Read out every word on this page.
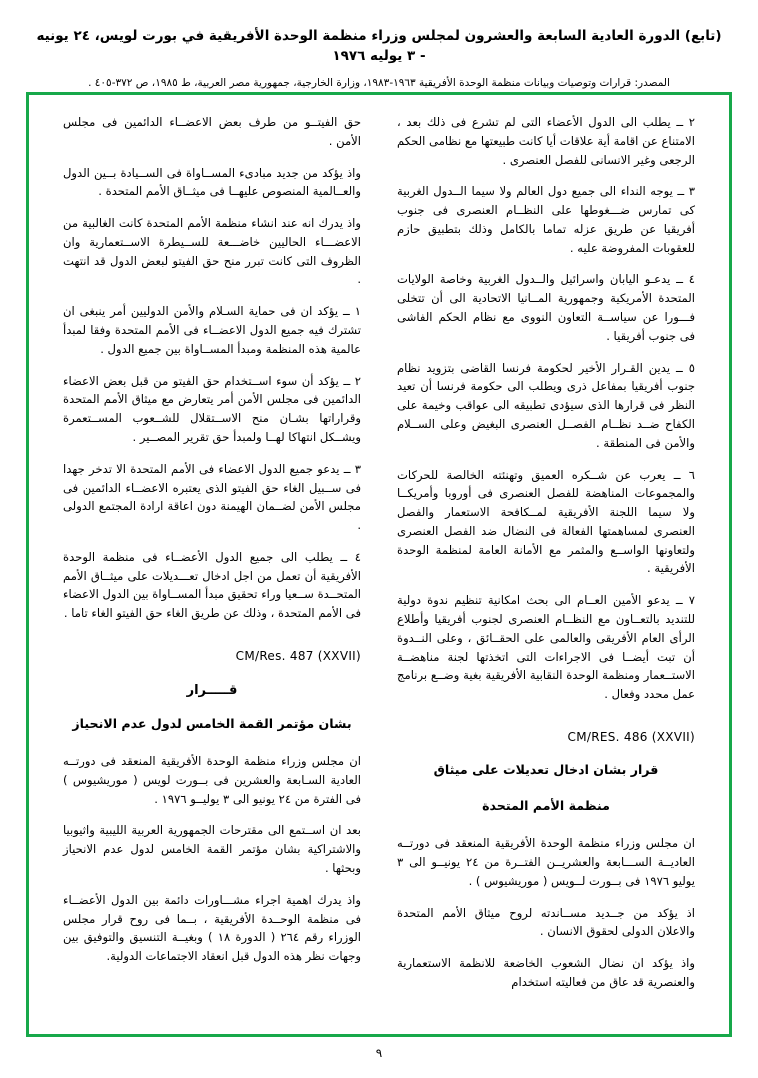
(تابع) الدورة العادية السابعة والعشرون لمجلس وزراء منظمة الوحدة الأفريقية في بورت لويس، ٢٤ يونيه - ٣ يوليه ١٩٧٦
المصدر: قرارات وتوصيات وبيانات منظمة الوحدة الأفريقية ١٩٦٣-١٩٨٣، وزارة الخارجية، جمهورية مصر العربية، ط ١٩٨٥، ص ٣٧٢-٤٠٥ .

٢ ــ يطلب الى الدول الأعضاء التى لم تشرع فى ذلك بعد ، الامتناع عن اقامة أية علاقات أيا كانت طبيعتها مع نظامى الحكم الرجعى وغير الانسانى للفصل العنصرى .

٣ ــ يوجه النداء الى جميع دول العالم ولا سيما الــدول الغربية كى تمارس ضـــغوطها على النظــام العنصرى فى جنوب أفريقيا عن طريق عزله تماما بالكامل وذلك بتطبيق حازم للعقوبات المفروضة عليه .

٤ ــ يدعـو اليابان واسرائيل والــدول الغربية وخاصة الولايات المتحدة الأمريكية وجمهورية المــانيا الاتحادية الى أن تتخلى فـــورا عن سياســة التعاون النووى مع نظام الحكم الفاشى فى جنوب أفريقيا .

٥ ــ يدين القـرار الأخير لحكومة فرنسا القاضى بتزويد نظام جنوب أفريقيا بمفاعل ذرى ويطلب الى حكومة فرنسا أن تعيد النظر فى قرارها الذى سيؤدى تطبيقه الى عواقب وخيمة على الكفاح ضــد نظــام الفصــل العنصرى البغيض وعلى الســلام والأمن فى المنطقة .

٦ ــ يعرب عن شــكره العميق وتهنئته الخالصة للحركات والمجموعات المناهضة للفصل العنصرى فى أوروبا وأمريكــا ولا سيما اللجنة الأفريقية لمــكافحة الاستعمار والفصل العنصرى لمساهمتها الفعالة فى النضال ضد الفصل العنصرى ولتعاونها الواســع والمثمر مع الأمانة العامة لمنظمة الوحدة الأفريقية .

٧ ــ يدعو الأمين العــام الى بحث امكانية تنظيم ندوة دولية للتنديد بالتعــاون مع النظــام العنصرى لجنوب أفريقيا وأطلاع الرأى العام الأفريقى والعالمى على الحقــائق ، وعلى النــدوة أن تبت أيضــا فى الاجراءات التى اتخذتها لجنة مناهضــة الاستــعمار ومنظمة الوحدة النقابية الأفريقية بغية وضــع برنامج عمل محدد وفعال .

CM/RES. 486 (XXVII)
قرار بشان ادخال تعديلات على ميثاق
منظمة الأمم المتحدة

ان مجلس وزراء منظمة الوحدة الأفريقية المنعقد فى دورتــه العاديــة الســـابعة والعشريــن الفتــرة من ٢٤ يونيــو الى ٣ يوليو ١٩٧٦ فى بــورت لــويس ( موريشيوس ) .

اذ يؤكد من جــديد مســاندته لروح ميثاق الأمم المتحدة والاعلان الدولى لحقوق الانسان .

واذ يؤكد ان نضال الشعوب الخاضعة للانظمة الاستعمارية والعنصرية قد عاق من فعاليته استخدام

حق الفيتــو من طرف بعض الاعضــاء الدائمين فى مجلس الأمن .

واذ يؤكد من جديد مبادىء المســاواة فى الســيادة بــين الدول والعــالمية المنصوص عليهــا فى ميثــاق الأمم المتحدة .

واذ يدرك انه عند انشاء منظمة الأمم المتحدة كانت الغالبية من الاعضـــاء الحاليين خاضـــعة للســيطرة الاســتعمارية وان الظروف التى كانت تبرر منح حق الفيتو لبعض الدول قد انتهت .

١ ــ يؤكد ان فى حماية السـلام والأمن الدوليين أمر ينبغى ان تشترك فيه جميع الدول الاعضــاء فى الأمم المتحدة وفقا لمبدأ عالمية هذه المنظمة ومبدأ المســاواة بين جميع الدول .

٢ ــ يؤكد أن سوء اســتخدام حق الفيتو من قبل بعض الاعضاء الدائمين فى مجلس الأمن أمر يتعارض مع ميثاق الأمم المتحدة وقراراتها بشـان منح الاســتقلال للشــعوب المســتعمرة ويشــكل انتهاكا لهــا ولمبدأ حق تقرير المصــير .

٣ ــ يدعو جميع الدول الاعضاء فى الأمم المتحدة الا تدخر جهدا فى ســبيل الغاء حق الفيتو الذى يعتبره الاعضــاء الدائمين فى مجلس الأمن لضــمان الهيمنة دون اعاقة ارادة المجتمع الدولى .

٤ ــ يطلب الى جميع الدول الأعضــاء فى منظمة الوحدة الأفريقية أن تعمل من اجل ادخال تعـــديلات على ميثــاق الأمم المتحــدة ســعيا وراء تحقيق مبدأ المســاواة بين الدول الاعضاء فى الأمم المتحدة ، وذلك عن طريق الغاء حق الفيتو الغاء تاما .

CM/Res. 487 (XXVII)
قـــــرار
بشان مؤتمر القمة الخامس لدول عدم الانحياز

ان مجلس وزراء منظمة الوحدة الأفريقية المنعقد فى دورتــه العادية السـابعة والعشرين فى بــورت لويس ( موريشيوس ) فى الفترة من ٢٤ يونيو الى ٣ يوليــو ١٩٧٦ .

بعد ان اســتمع الى مقترحات الجمهورية العربية الليبية واثيوبيا والاشتراكية بشان مؤتمر القمة الخامس لدول عدم الانحياز وبحثها .

واذ يدرك اهمية اجراء مشـــاورات دائمة بين الدول الأعضــاء فى منظمة الوحــدة الأفريقية ، بــما فى روح قرار مجلس الوزراء رقم ٢٦٤ ( الدورة ١٨ ) وبغيــة التنسيق والتوفيق بين وجهات نظر هذه الدول قبل انعقاد الاجتماعات الدولية.

٩
